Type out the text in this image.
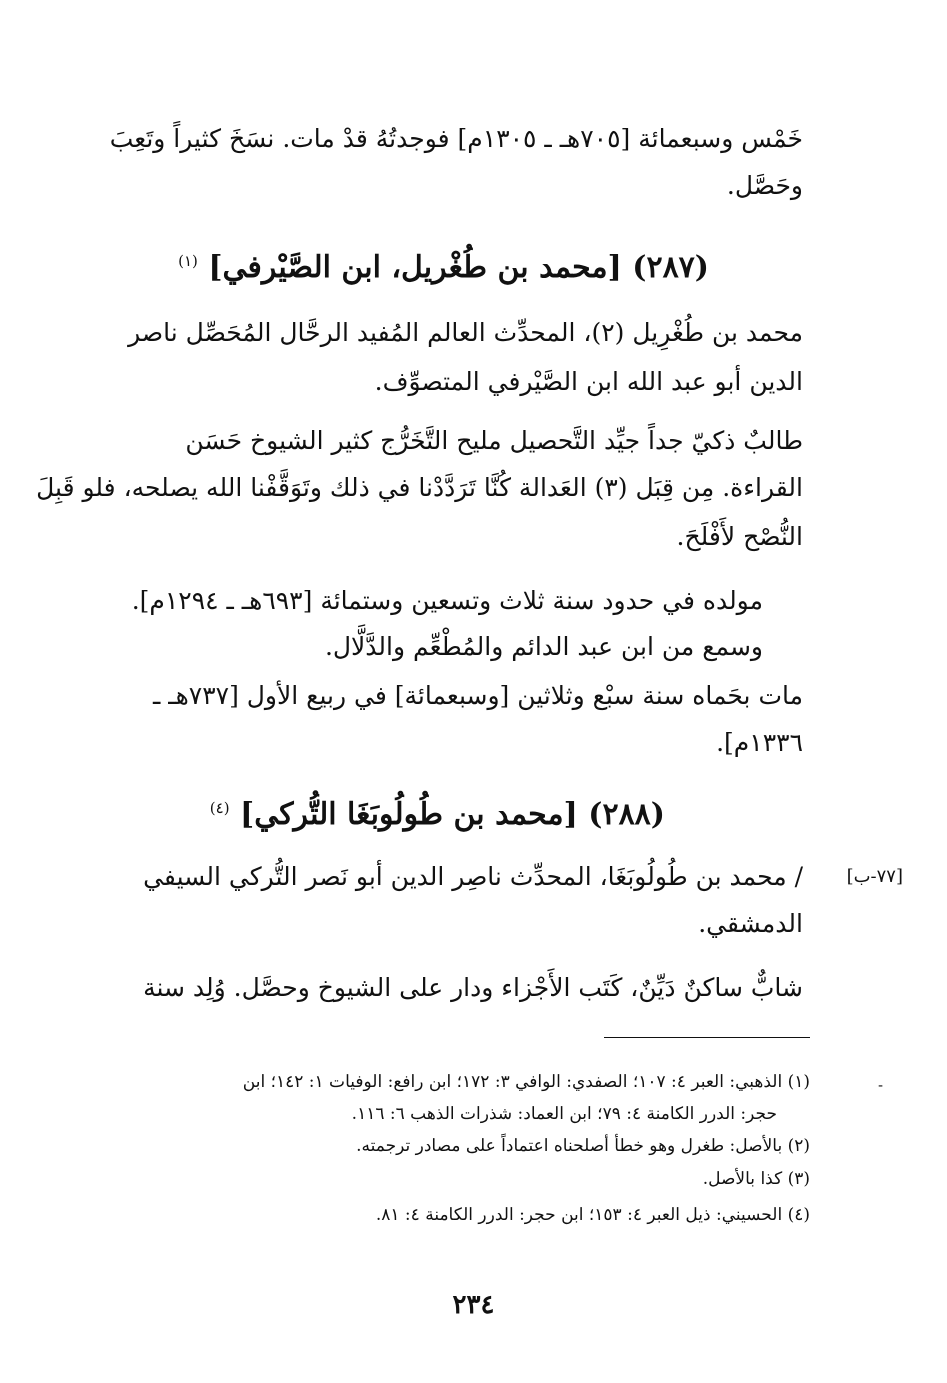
خَمْس وسبعمائة [٧٠٥هـ ـ ١٣٠٥م] فوجدتُهُ قدْ مات. نسَخَ كثيراً وتَعِبَ
وحَصَّل.
(٢٨٧) [محمد بن طُغْريل، ابن الصَّيْرفي] $^{(١)}$
محمد بن طُغْرِيل (٢)، المحدِّث العالم المُفيد الرحَّال المُحَصِّل ناصر
الدين أبو عبد الله ابن الصَّيْرفي المتصوِّف.
طالبٌ ذكيّ جداً جيِّد التَّحصيل مليح التَّخَرُّج كثير الشيوخ حَسَن
القراءة. مِن قِبَل (٣) العَدالة كُنَّا تَرَدَّدْنا في ذلك وتَوَقَّفْنا الله يصلحه، فلو قَبِلَ
النُّصْح لأَفْلَحَ.
مولده في حدود سنة ثلاث وتسعين وستمائة [٦٩٣هـ ـ ١٢٩٤م].
وسمع من ابن عبد الدائم والمُطْعِّم والدَّلَّال.
مات بحَماه سنة سبْع وثلاثين [وسبعمائة] في ربيع الأول [٧٣٧هـ ـ
١٣٣٦م].
(٢٨٨) [محمد بن طُولُوبَغَا التُّركي] $^{(٤)}$
[٧٧-ب]
/ محمد بن طُولُوبَغَا، المحدِّث ناصِر الدين أبو نَصر التُّركي السيفي
الدمشقي.
شابٌّ ساكنٌ دَيِّنٌ، كَتَب الأَجْزاء ودار على الشيوخ وحصَّل. وُلِد سنة
-
(١) الذهبي: العبر ٤: ١٠٧؛ الصفدي: الوافي ٣: ١٧٢؛ ابن رافع: الوفيات ١: ١٤٢؛ ابن
حجر: الدرر الكامنة ٤: ٧٩؛ ابن العماد: شذرات الذهب ٦: ١١٦.
(٢) بالأصل: طغرل وهو خطأ أصلحناه اعتماداً على مصادر ترجمته.
(٣) كذا بالأصل.
(٤) الحسيني: ذيل العبر ٤: ١٥٣؛ ابن حجر: الدرر الكامنة ٤: ٨١.
٢٣٤
